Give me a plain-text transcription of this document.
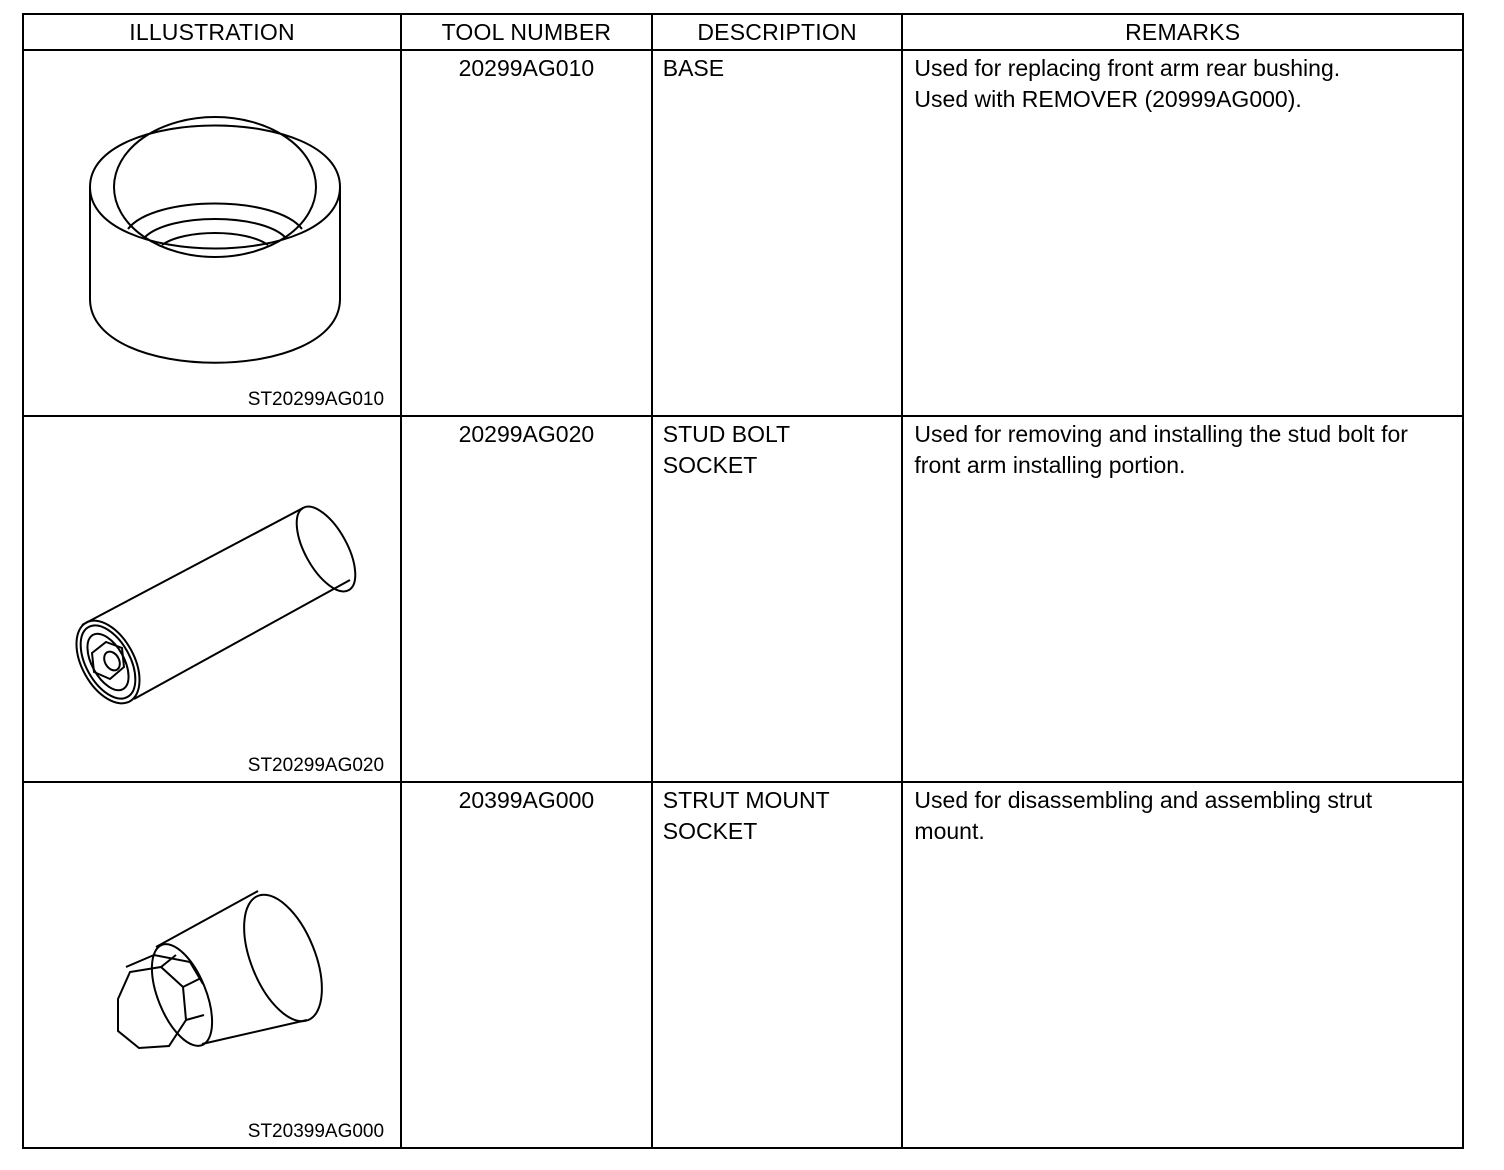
ILLUSTRATION	TOOL NUMBER	DESCRIPTION	REMARKS

ST20299AG010	20299AG010	BASE	Used for replacing front arm rear bushing.
Used with REMOVER (20999AG000).

ST20299AG020	20299AG020	STUD BOLT
SOCKET	Used for removing and installing the stud bolt for
front arm installing portion.

ST20399AG000	20399AG000	STRUT MOUNT
SOCKET	Used for disassembling and assembling strut
mount.
